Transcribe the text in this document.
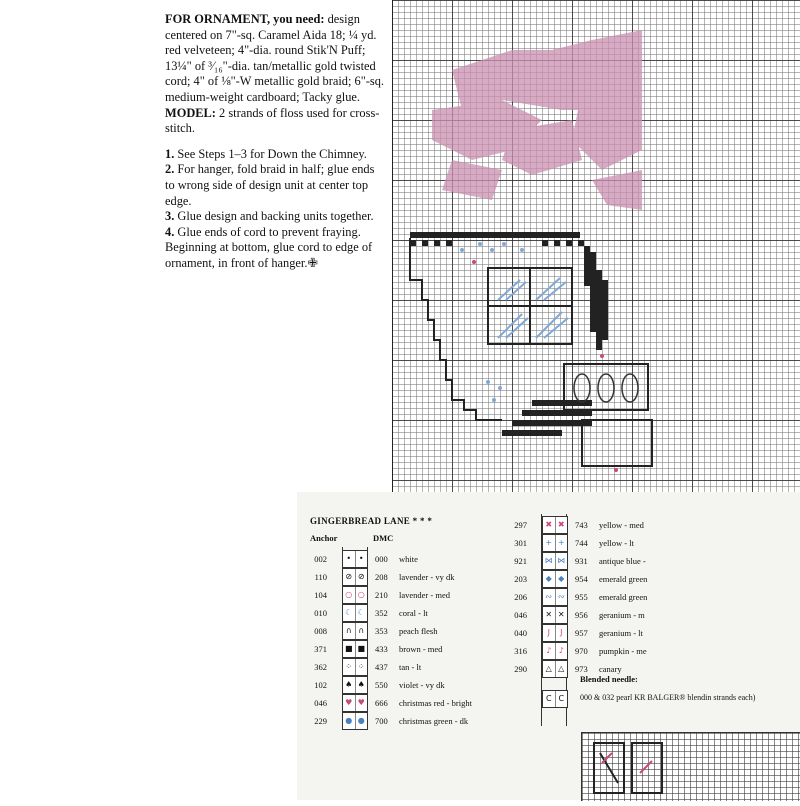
FOR ORNAMENT, you need: design centered on 7"-sq. Caramel Aida 18; ¼ yd. red velveteen; 4"-dia. round Stik'N Puff; 13¼" of ³⁄₁₆"-dia. tan/metallic gold twisted cord; 4" of ⅛"-W metallic gold braid; 6"-sq. medium-weight cardboard; Tacky glue.

MODEL: 2 strands of floss used for cross-stitch.

1. See Steps 1–3 for Down the Chimney.

2. For hanger, fold braid in half; glue ends to wrong side of design unit at center top edge.

3. Glue design and backing units together.

4. Glue ends of cord to prevent fraying. Beginning at bottom, glue cord to edge of ornament, in front of hanger.✙

GINGERBREAD LANE * * *
Anchor	DMC
002	• •	000	white
110 ⊘ ⊘ 208	lavender - vy dk
104 ○ ○ 210	lavender - med
010 ☾ ☾ 352	coral - lt
008	∩ ∩	353	peach flesh
371 ■ ■ 433	brown - med
362 ⁘ ⁘ 437	tan - lt
102 ♠ ♠ 550	violet - vy dk
046 ♥ ♥ 666	christmas red - bright
229 ● ● 700	christmas green - dk
297 ✖ ✖ 743	yellow - med
301 + + 744	yellow - lt
921 ⋈ ⋈ 931	antique blue -
203	◆ ◆	954	emerald green
206 ∾ ∾ 955	emerald green
046 ✕ ✕ 956	geranium - m
040	J	J	957	geranium - lt
316	♪ ♪	970	pumpkin - me
290	△ △	973	canary
C C
Blended needle:
000 & 032 pearl KR BALGER® blendin strands each)
